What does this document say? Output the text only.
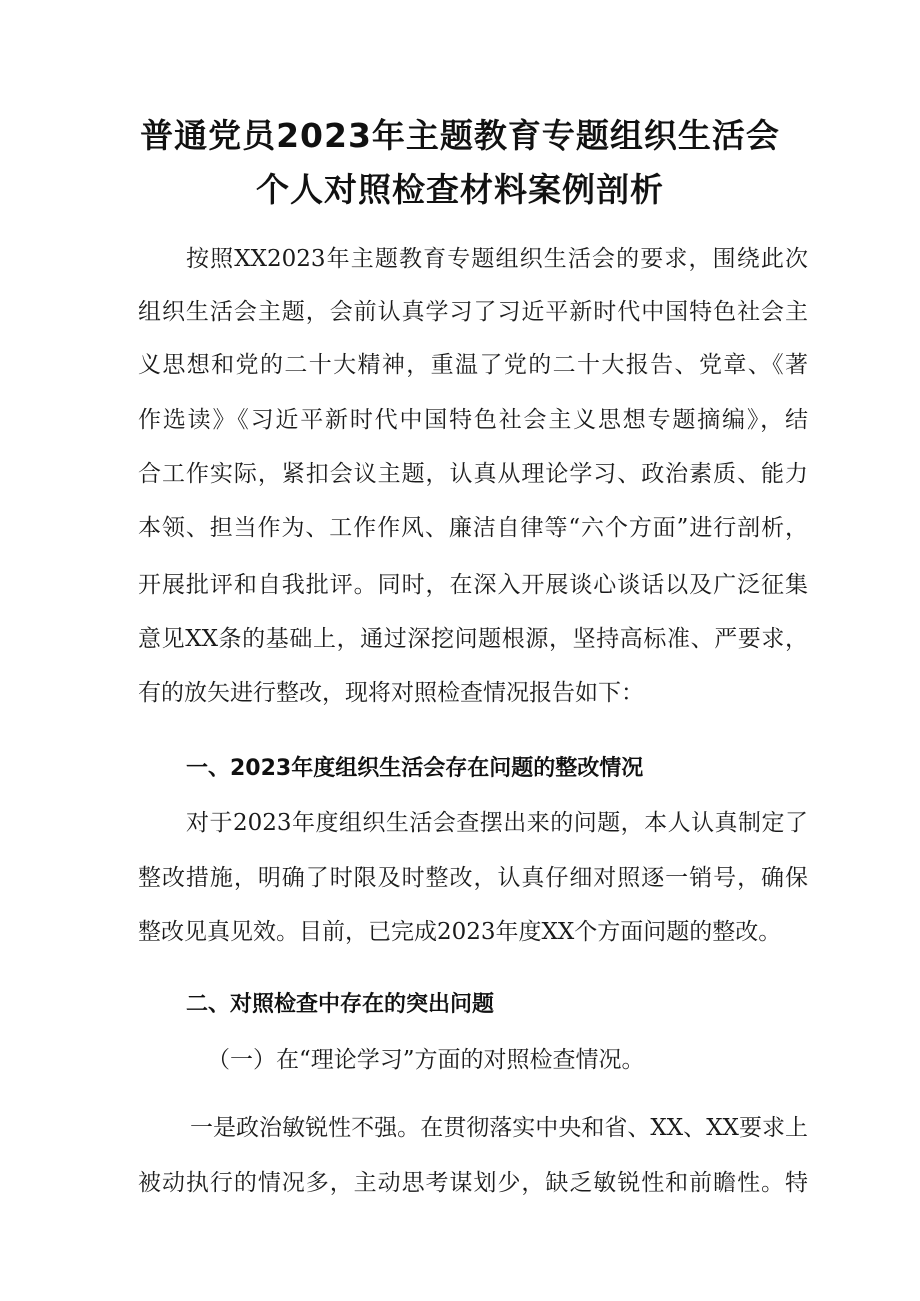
普通党员2023年主题教育专题组织生活会
个人对照检查材料案例剖析
按照XX2023年主题教育专题组织生活会的要求，围绕此次
组织生活会主题，会前认真学习了习近平新时代中国特色社会主
义思想和党的二十大精神，重温了党的二十大报告、党章、《著
作选读》《习近平新时代中国特色社会主义思想专题摘编》，结
合工作实际，紧扣会议主题，认真从理论学习、政治素质、能力
本领、担当作为、工作作风、廉洁自律等“六个方面”进行剖析，
开展批评和自我批评。同时，在深入开展谈心谈话以及广泛征集
意见XX条的基础上，通过深挖问题根源，坚持高标准、严要求，
有的放矢进行整改，现将对照检查情况报告如下：
一、2023年度组织生活会存在问题的整改情况
对于2023年度组织生活会查摆出来的问题，本人认真制定了
整改措施，明确了时限及时整改，认真仔细对照逐一销号，确保
整改见真见效。目前，已完成2023年度XX个方面问题的整改。
二、对照检查中存在的突出问题
（一）在“理论学习”方面的对照检查情况。
一是政治敏锐性不强。在贯彻落实中央和省、XX、XX要求上
被动执行的情况多，主动思考谋划少，缺乏敏锐性和前瞻性。特
